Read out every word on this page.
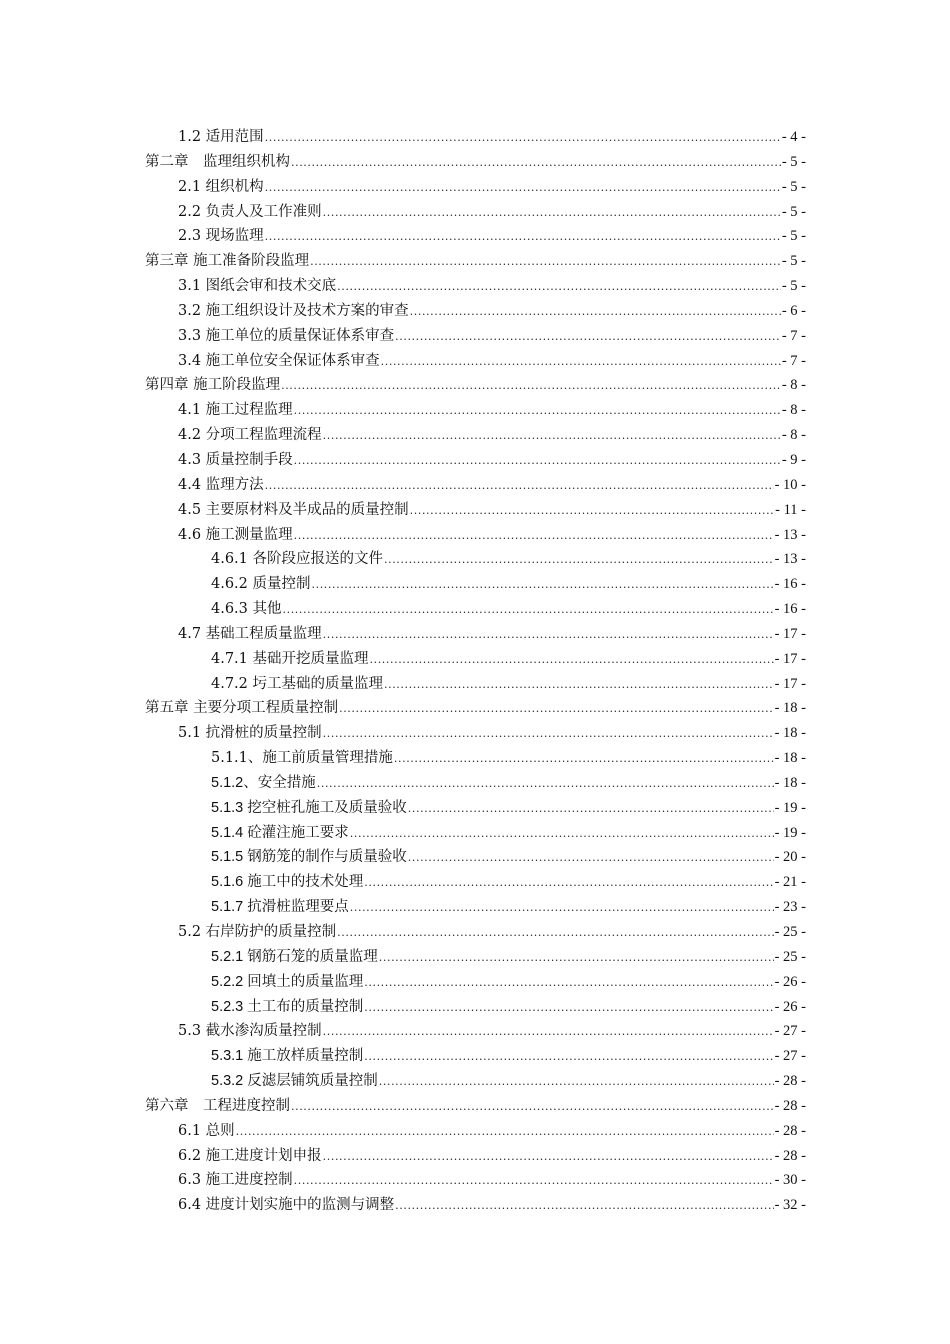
1.2 适用范围 .....	- 4 -
第二章　监理组织机构 .....	- 5 -
2.1 组织机构 .....	- 5 -
2.2 负责人及工作准则 .....	- 5 -
2.3 现场监理 .....	- 5 -
第三章 施工准备阶段监理 .....	- 5 -
3.1 图纸会审和技术交底 .....	- 5 -
3.2 施工组织设计及技术方案的审查 .....	- 6 -
3.3 施工单位的质量保证体系审查 .....	- 7 -
3.4 施工单位安全保证体系审查 .....	- 7 -
第四章 施工阶段监理 .....	- 8 -
4.1 施工过程监理 .....	- 8 -
4.2 分项工程监理流程 .....	- 8 -
4.3 质量控制手段 .....	- 9 -
4.4 监理方法 .....	- 10 -
4.5 主要原材料及半成品的质量控制 .....	- 11 -
4.6 施工测量监理 .....	- 13 -
4.6.1 各阶段应报送的文件 .....	- 13 -
4.6.2 质量控制 .....	- 16 -
4.6.3 其他 .....	- 16 -
4.7 基础工程质量监理 .....	- 17 -
4.7.1 基础开挖质量监理 .....	- 17 -
4.7.2 圬工基础的质量监理 .....	- 17 -
第五章 主要分项工程质量控制 .....	- 18 -
5.1 抗滑桩的质量控制 .....	- 18 -
5.1.1、施工前质量管理措施 .....	- 18 -
5.1.2、安全措施 .....	- 18 -
5.1.3 挖空桩孔施工及质量验收 .....	- 19 -
5.1.4 砼灌注施工要求 .....	- 19 -
5.1.5 钢筋笼的制作与质量验收 .....	- 20 -
5.1.6 施工中的技术处理 .....	- 21 -
5.1.7 抗滑桩监理要点 .....	- 23 -
5.2 右岸防护的质量控制 .....	- 25 -
5.2.1 钢筋石笼的质量监理 .....	- 25 -
5.2.2 回填土的质量监理 .....	- 26 -
5.2.3 土工布的质量控制 .....	- 26 -
5.3 截水渗沟质量控制 .....	- 27 -
5.3.1 施工放样质量控制 .....	- 27 -
5.3.2 反滤层铺筑质量控制 .....	- 28 -
第六章　工程进度控制 .....	- 28 -
6.1 总则 .....	- 28 -
6.2 施工进度计划申报 .....	- 28 -
6.3 施工进度控制 .....	- 30 -
6.4 进度计划实施中的监测与调整 .....	- 32 -
